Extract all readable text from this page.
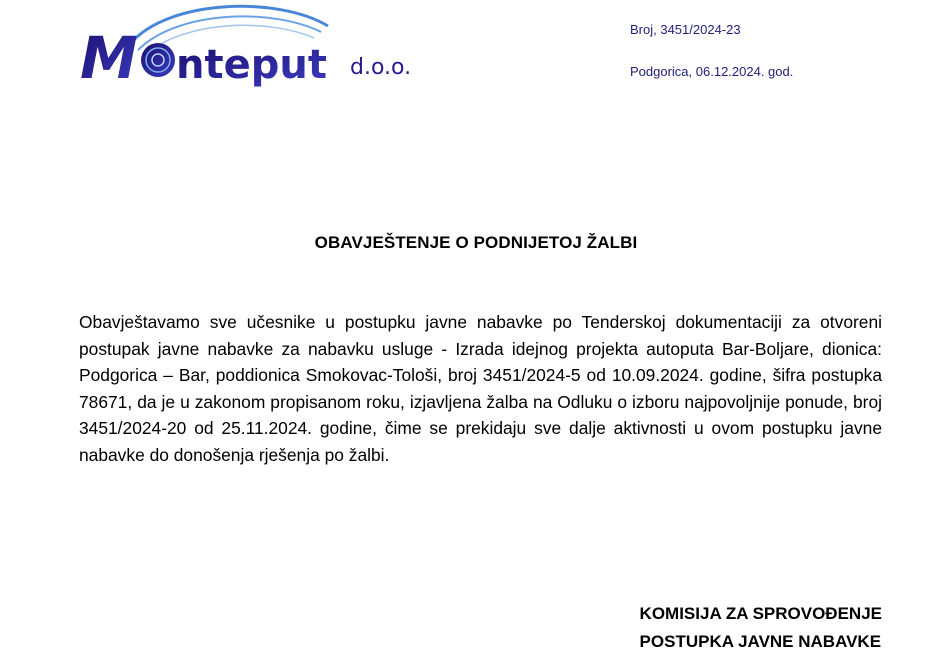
M nteput d.o.o.
Broj, 3451/2024-23
Podgorica, 06.12.2024. god.
OBAVJEŠTENJE O PODNIJETOJ ŽALBI

Obavještavamo sve učesnike u postupku javne nabavke po Tenderskoj dokumentaciji za otvoreni postupak javne nabavke za nabavku usluge - Izrada idejnog projekta autoputa Bar-Boljare, dionica: Podgorica – Bar, poddionica Smokovac-Tološi, broj 3451/2024-5 od 10.09.2024. godine, šifra postupka 78671, da je u zakonom propisanom roku, izjavljena žalba na Odluku o izboru najpovoljnije ponude, broj 3451/2024-20 od 25.11.2024. godine, čime se prekidaju sve dalje aktivnosti u ovom postupku javne nabavke do donošenja rješenja po žalbi.

KOMISIJA ZA SPROVOĐENJE
POSTUPKA JAVNE NABAVKE
